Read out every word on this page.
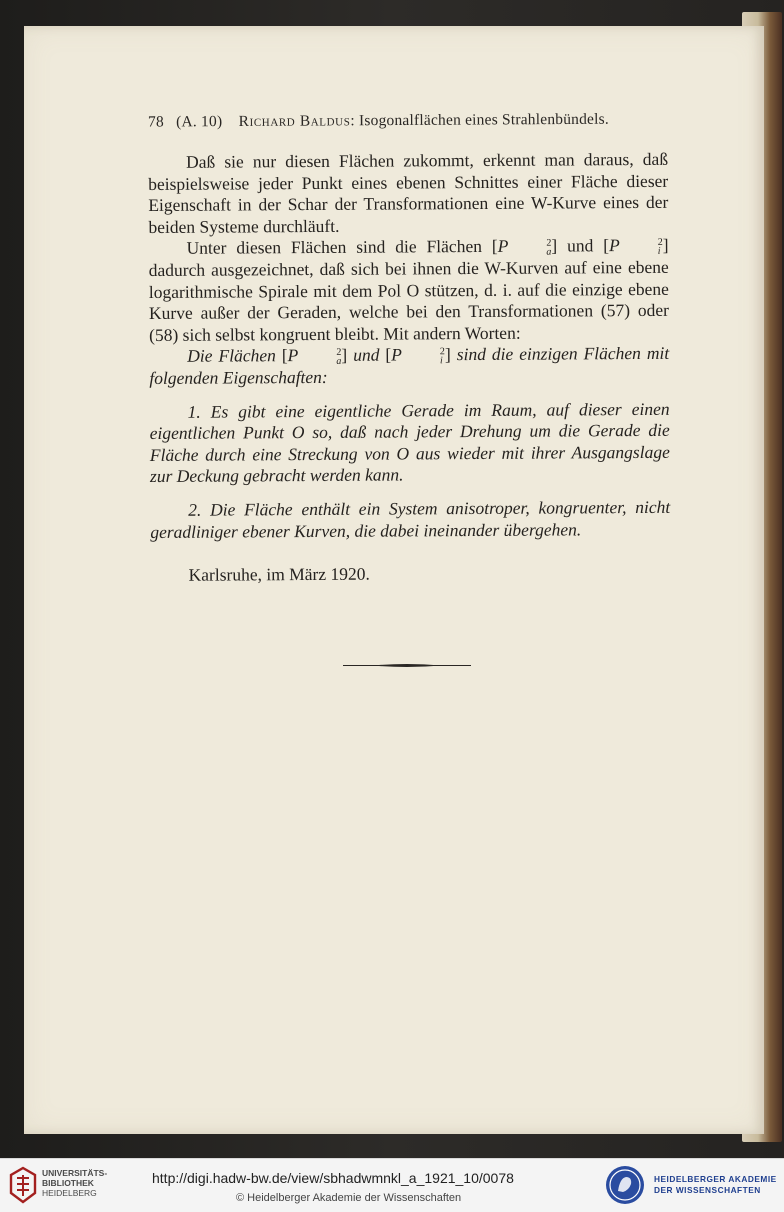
78 (A. 10) Richard Baldus: Isogonalflächen eines Strahlenbündels.

Daß sie nur diesen Flächen zukommt, erkennt man daraus, daß beispielsweise jeder Punkt eines ebenen Schnittes einer Fläche dieser Eigenschaft in der Schar der Transformationen eine W-Kurve eines der beiden Systeme durchläuft.

Unter diesen Flächen sind die Flächen [P	2
a ] und [P	2
i ] dadurch ausgezeichnet, daß sich bei ihnen die W-Kurven auf eine ebene logarithmische Spirale mit dem Pol O stützen, d. i. auf die einzige ebene Kurve außer der Geraden, welche bei den Transformationen (57) oder (58) sich selbst kongruent bleibt. Mit andern Worten:

Die Flächen [P	2
a ] und [P	2
i ] sind die einzigen Flächen mit folgenden Eigenschaften:

1. Es gibt eine eigentliche Gerade im Raum, auf dieser einen eigentlichen Punkt O so, daß nach jeder Drehung um die Gerade die Fläche durch eine Streckung von O aus wieder mit ihrer Ausgangslage zur Deckung gebracht werden kann.

2. Die Fläche enthält ein System anisotroper, kongruenter, nicht geradliniger ebener Kurven, die dabei ineinander übergehen.

Karlsruhe, im März 1920.

UNIVERSITÄTS-
BIBLIOTHEK
HEIDELBERG
http://digi.hadw-bw.de/view/sbhadwmnkl_a_1921_10/0078
© Heidelberger Akademie der Wissenschaften
HEIDELBERGER AKADEMIE
DER WISSENSCHAFTEN
